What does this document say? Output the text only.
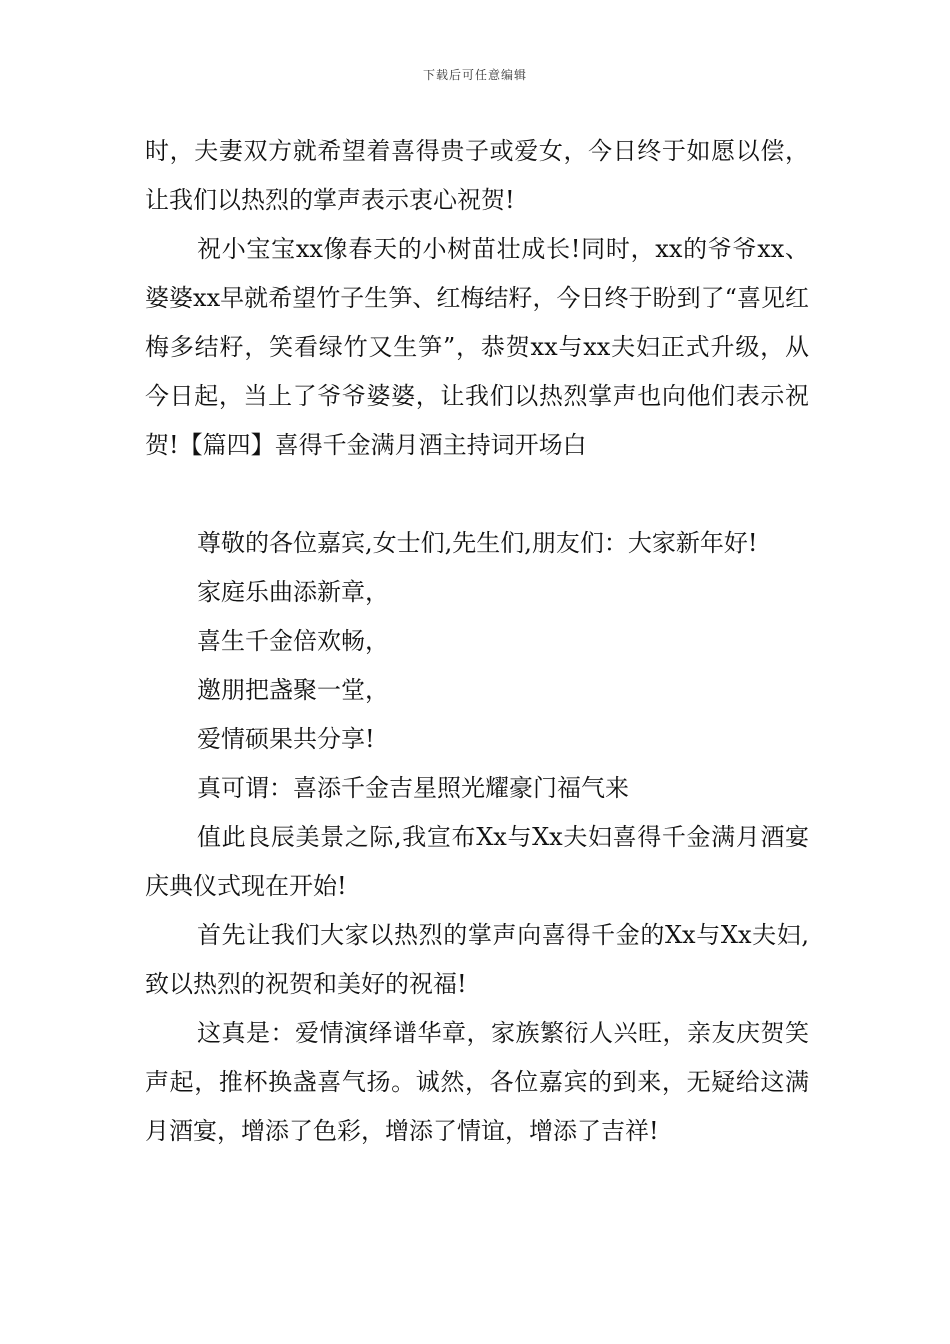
下载后可任意编辑

时，夫妻双方就希望着喜得贵子或爱女，今日终于如愿以偿，让我们以热烈的掌声表示衷心祝贺!

祝小宝宝xx像春天的小树苗壮成长!同时，xx的爷爷xx、婆婆xx早就希望竹子生笋、红梅结籽，今日终于盼到了“喜见红梅多结籽，笑看绿竹又生笋”，恭贺xx与xx夫妇正式升级，从今日起，当上了爷爷婆婆，让我们以热烈掌声也向他们表示祝贺!【篇四】喜得千金满月酒主持词开场白

尊敬的各位嘉宾,女士们,先生们,朋友们：大家新年好!

家庭乐曲添新章，

喜生千金倍欢畅，

邀朋把盏聚一堂，

爱情硕果共分享!

真可谓：喜添千金吉星照光耀豪门福气来

值此良辰美景之际,我宣布Xx与Xx夫妇喜得千金满月酒宴庆典仪式现在开始!

首先让我们大家以热烈的掌声向喜得千金的Xx与Xx夫妇,致以热烈的祝贺和美好的祝福!

这真是：爱情演绎谱华章，家族繁衍人兴旺，亲友庆贺笑声起，推杯换盏喜气扬。诚然，各位嘉宾的到来，无疑给这满月酒宴，增添了色彩，增添了情谊，增添了吉祥!
